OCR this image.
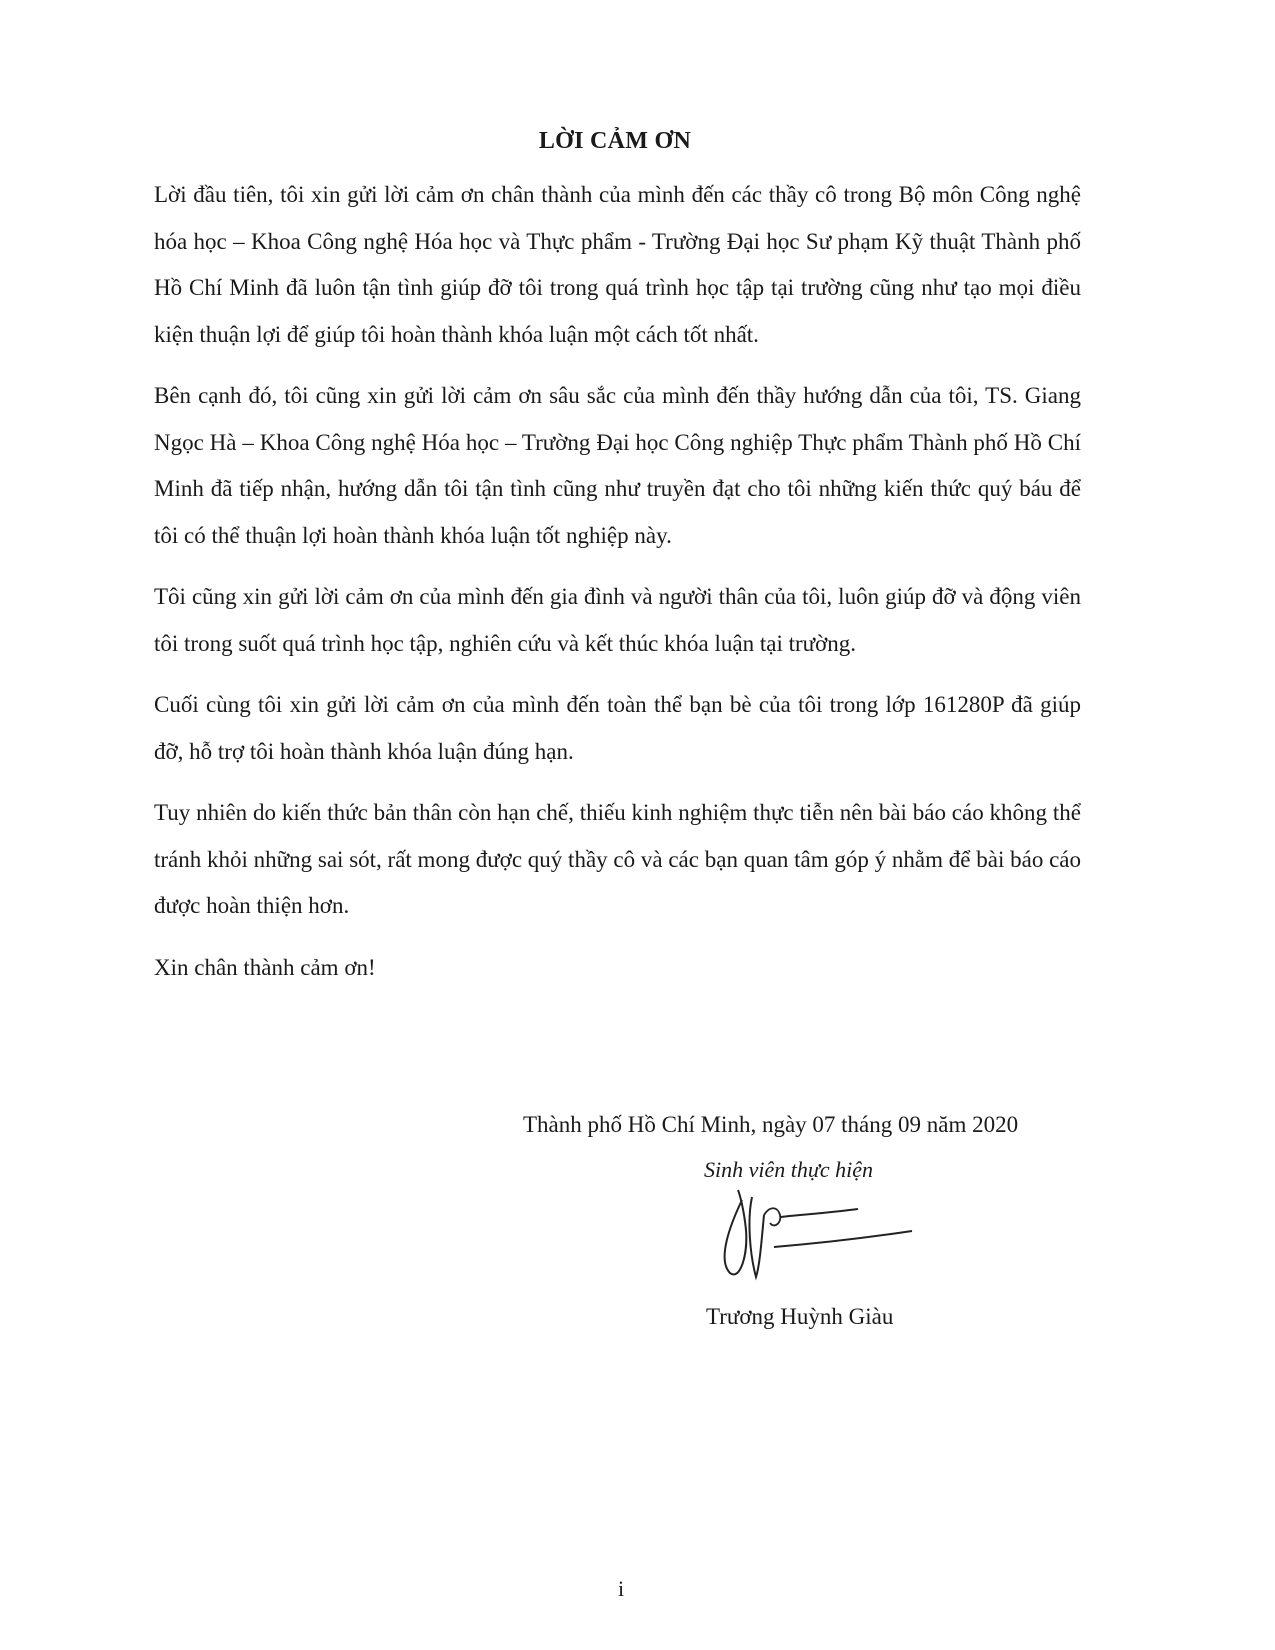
LỜI CẢM ƠN

Lời đầu tiên, tôi xin gửi lời cảm ơn chân thành của mình đến các thầy cô trong Bộ môn Công nghệ hóa học – Khoa Công nghệ Hóa học và Thực phẩm - Trường Đại học Sư phạm Kỹ thuật Thành phố Hồ Chí Minh đã luôn tận tình giúp đỡ tôi trong quá trình học tập tại trường cũng như tạo mọi điều kiện thuận lợi để giúp tôi hoàn thành khóa luận một cách tốt nhất.

Bên cạnh đó, tôi cũng xin gửi lời cảm ơn sâu sắc của mình đến thầy hướng dẫn của tôi, TS. Giang Ngọc Hà – Khoa Công nghệ Hóa học – Trường Đại học Công nghiệp Thực phẩm Thành phố Hồ Chí Minh đã tiếp nhận, hướng dẫn tôi tận tình cũng như truyền đạt cho tôi những kiến thức quý báu để tôi có thể thuận lợi hoàn thành khóa luận tốt nghiệp này.

Tôi cũng xin gửi lời cảm ơn của mình đến gia đình và người thân của tôi, luôn giúp đỡ và động viên tôi trong suốt quá trình học tập, nghiên cứu và kết thúc khóa luận tại trường.

Cuối cùng tôi xin gửi lời cảm ơn của mình đến toàn thể bạn bè của tôi trong lớp 161280P đã giúp đỡ, hỗ trợ tôi hoàn thành khóa luận đúng hạn.

Tuy nhiên do kiến thức bản thân còn hạn chế, thiếu kinh nghiệm thực tiễn nên bài báo cáo không thể tránh khỏi những sai sót, rất mong được quý thầy cô và các bạn quan tâm góp ý nhằm để bài báo cáo được hoàn thiện hơn.

Xin chân thành cảm ơn!

Thành phố Hồ Chí Minh, ngày 07 tháng 09 năm 2020
Sinh viên thực hiện
Trương Huỳnh Giàu
i
